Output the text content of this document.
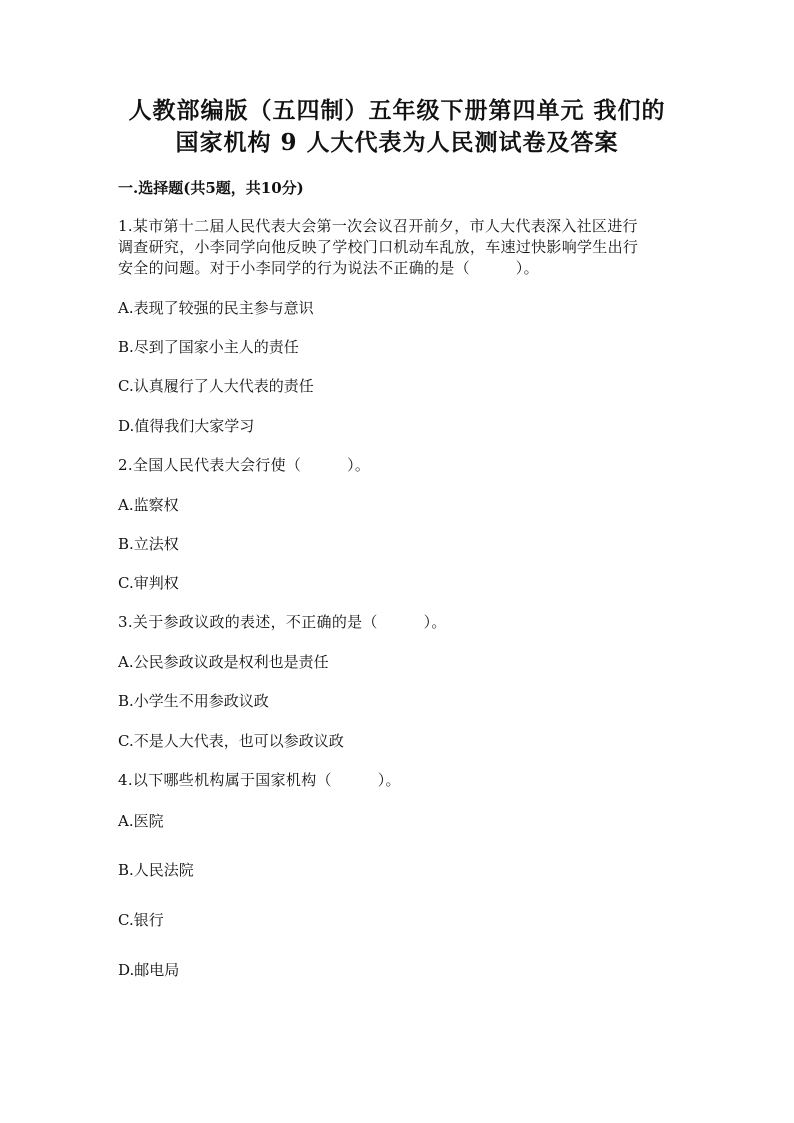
人教部编版（五四制）五年级下册第四单元 我们的
国家机构 9 人大代表为人民测试卷及答案
一.选择题(共5题，共10分)
1.某市第十二届人民代表大会第一次会议召开前夕，市人大代表深入社区进行
调查研究，小李同学向他反映了学校门口机动车乱放，车速过快影响学生出行
安全的问题。对于小李同学的行为说法不正确的是（　　　）。
A.表现了较强的民主参与意识
B.尽到了国家小主人的责任
C.认真履行了人大代表的责任
D.值得我们大家学习
2.全国人民代表大会行使（　　　）。
A.监察权
B.立法权
C.审判权
3.关于参政议政的表述，不正确的是（　　　）。
A.公民参政议政是权利也是责任
B.小学生不用参政议政
C.不是人大代表，也可以参政议政
4.以下哪些机构属于国家机构（　　　）。
A.医院
B.人民法院
C.银行
D.邮电局
